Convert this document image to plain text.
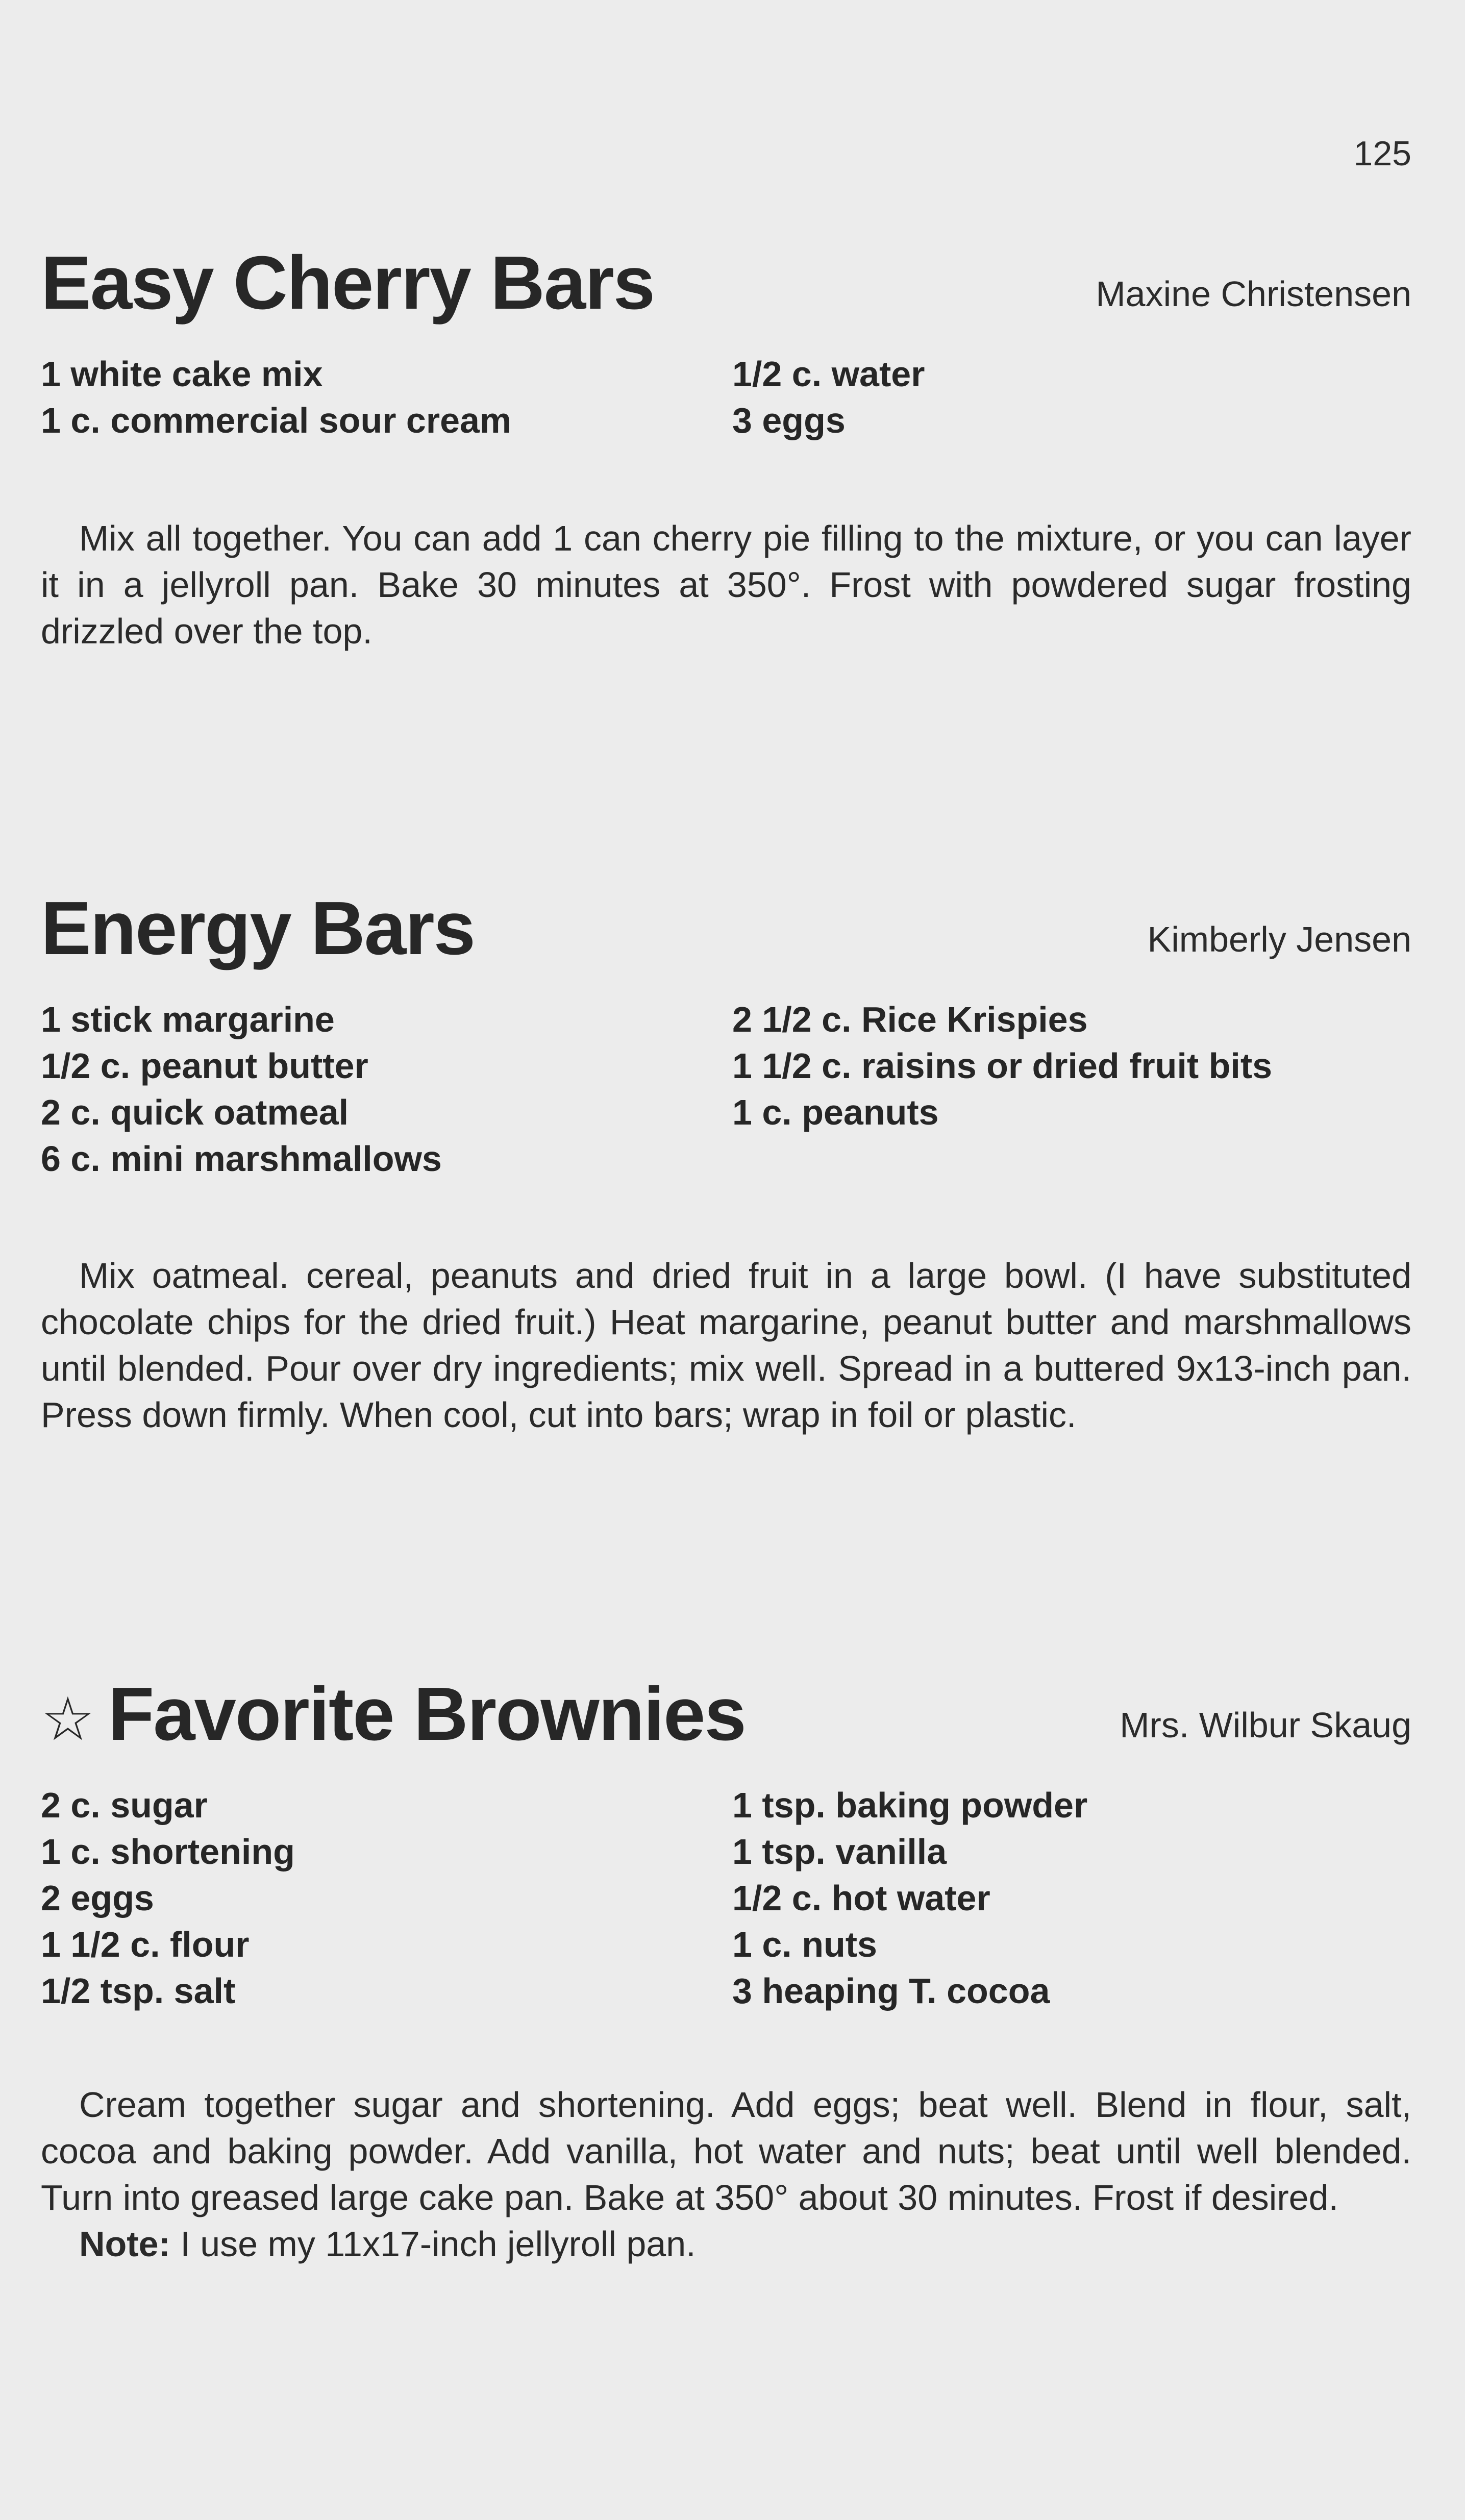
125
Easy Cherry Bars	Maxine Christensen
1 white cake mix
1 c. commercial sour cream
1/2 c. water
3 eggs

Mix all together. You can add 1 can cherry pie filling to the mixture, or you can layer it in a jellyroll pan. Bake 30 minutes at 350°. Frost with powdered sugar frosting drizzled over the top.

Energy Bars	Kimberly Jensen
1 stick margarine
1/2 c. peanut butter
2 c. quick oatmeal
6 c. mini marshmallows
2 1/2 c. Rice Krispies
1 1/2 c. raisins or dried fruit bits
1 c. peanuts

Mix oatmeal. cereal, peanuts and dried fruit in a large bowl. (I have substituted chocolate chips for the dried fruit.) Heat margarine, peanut butter and marshmallows until blended. Pour over dry ingredients; mix well. Spread in a buttered 9x13-inch pan. Press down firmly. When cool, cut into bars; wrap in foil or plastic.

☆ Favorite Brownies	Mrs. Wilbur Skaug
2 c. sugar
1 c. shortening
2 eggs
1 1/2 c. flour
1/2 tsp. salt
1 tsp. baking powder
1 tsp. vanilla
1/2 c. hot water
1 c. nuts
3 heaping T. cocoa

Cream together sugar and shortening. Add eggs; beat well. Blend in flour, salt, cocoa and baking powder. Add vanilla, hot water and nuts; beat until well blended. Turn into greased large cake pan. Bake at 350° about 30 minutes. Frost if desired.

Note: I use my 11x17-inch jellyroll pan.
